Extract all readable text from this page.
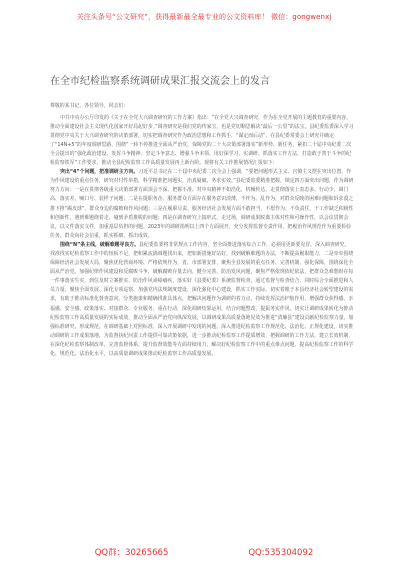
关注头条号“公文研究”，获得最新最全最专业的公文资料库！ 微信：gongwenxj
在全市纪检监察系统调研成果汇报交流会上的发言

尊敬的某书记，各位领导，同志们：

中共中央办公厅印发的《关于在全党大兴调查研究的工作方案》指出：“在全党大兴调查研究，作为在全党开展的主题教育的重要内容，推动全面建设社会主义现代化国家开好局起好步。”调查研究是我们党的传家宝，也是党切顺思解决“最后一公里”的法宝。县纪委监委深入学习贯彻党中央关于大兴调查研究的决策部署，切实把调查研究作为政治思想和工作抓手，“谋定而后动”，在县纪委常委会上研究并确定了“14N+5”的年度调研思路，围绕“一转不停推进全面从严治党，保障党的二十大决策部署落实”新形势、新任务，紧扣二十届中央纪委二次全会提出的“强化政治建设、发挥斗争精神、坚定斗争意志、增强斗争本领、用好深学习、实调研、抓落实工作方法，打造敢于善于斗争的纪检监察铁军”工作要求，推动全县纪检监察工作高质量发展再上新台阶。现将有关工作推展情况汇报如下：

突出“4”个问题，把准调研主方向。习近平总书记在二十届中央纪委二次全会上强调，“要把问题形式主义、官僚主义摆在突出位置，作为作风建设的重点任务，研究对付性举措，科学精准把问题实，治真疑破、务求实效。”县纪委监委精准把握，锁定四方面突出问题，作为调研努力方向：一是在贯彻各级重大决策部署方面顶会不深、把握不准、对中央精神不如浩化，机械传达、走贯彻落实上表态多、行动少、调门高、落实差，喊口号、装样子问题；二是在提职务企、服务群众方面存在服务意识淡薄，不作为、乱作为，对群众反映的困难问题和诉求漠之推下推“踢皮球”，群众身边的腐败和作风问题；三是在履职尽责、服务经济社会发展方面不敢担当、不愿作为、不负责任，干工作缺乏积极性和创新性，遇到难题绕着走、碰到矛盾推脱的问题；四是在调查研究上搞形式、走过场，调研成果脱离主体对性和可操作性，以会议贯彻会议，以文件落实文件，加重基层负担的问题。2023年的调研指明以上四个方面展开，充分发挥监督专责作用，把履治作风规范作为重要检验任务，群众向社会信重，抓实抓细，抓出成效。

围绕“N”条主线，破解难题寻良方。县纪委监委将非常规点工作内容，坚全面推进落实综合工作，必须用更新要克冒、深入调查研究，找准找实纪检监察工作中的短板不足，把积累流淌调题找出来，把如新措施好站好，找到破解难题的办法，不断提高履职能力，二是牵牵围绕保障经济社会发展大局，聚焦优化营商环境、严格依规作为，省，市部署安排，聚焦全县发展的重点任务，完善机制，强化保障，围绕深化全面从严治党、加强纪律作风建设和反腐败斗争，破解腐败存量去向，健全完善，防治发风问题，聚焦严格依规依纪依法，把群众急难愁盼在每一件事落实生实，到位及时立案推实，防治作风顽瘴痼疾，落实好《县委纪委》系统监督检查，通过监督与检查结合，同时综合全面推进和人员力量，聚焦全面发展、深化专项巡察、加强党内法规制度建设，深化强化中心建设，抓实工作实际，切实着眼于本县经济社会转型建设的需求，有助于推动标准化督查意向、分类施策和精确找准具体点，把解决问题作为调研的着力点，持续发挥法治护航作用，增强群众获得感、幸福感、安全感，政策落实、对接群众、专业服务、重在行动，深化调研结果运用，结合问题整改，提振务实作风，切实让调研成果转化为推动纪检监察工作高质量发展的实际成效，推动全面从严治党向纵深发展，以调研成果高质量落地见效为推进“清廉县”建设贡献纪检监察力量，加强标准研究，形成规范，在调研基础上对照标准，深入开展调研中发现的问题，深入推进纪检监察工作规范化、法治化、正规化建设，切实推动调研的工作成果落地，为监督执纪问责工作提供可靠决策依据，进一步推动纪检监察工作提质增效，把握调研的工作方法，建立长效机制，在深化纪检监察体制改革、完善监督体系、提升监督效能等方面持续用力，解决好纪检监察工作中的重点难点问题，提高纪检监察工作的科学化、规范化、法治化水平，以高质量调研成果推动纪检监察工作高质量发展。

QQ群：30265665	QQ:535304092
